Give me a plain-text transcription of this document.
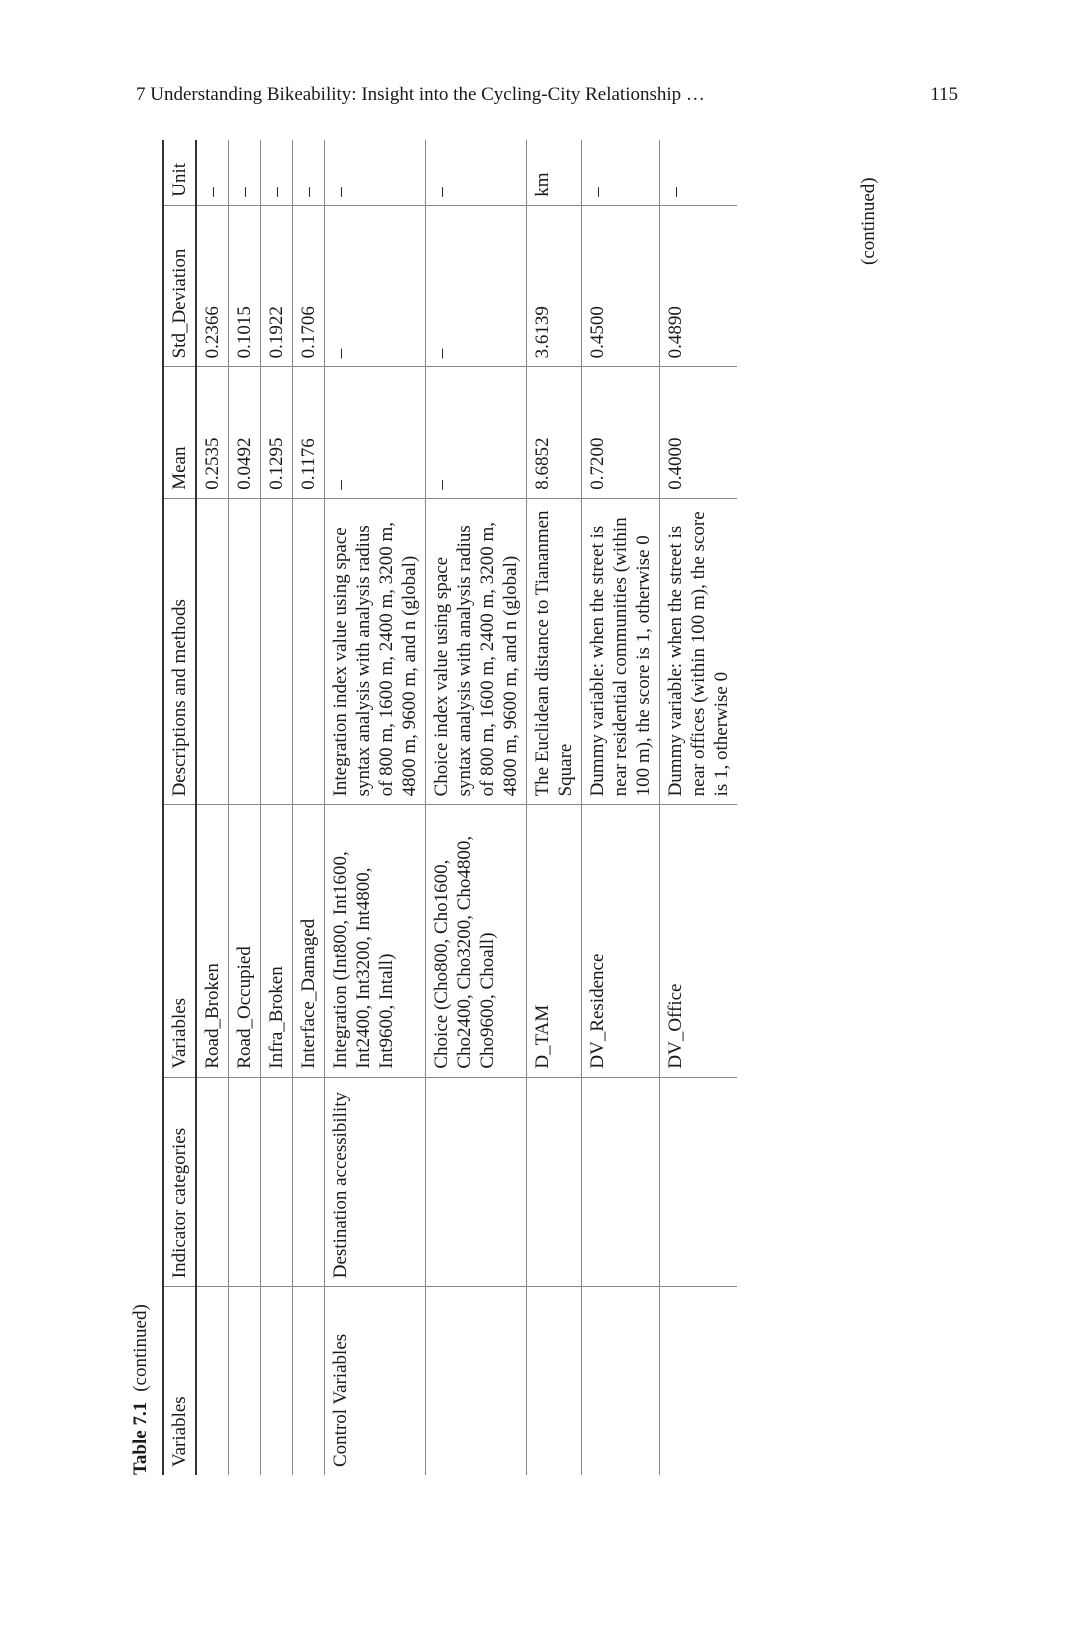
7 Understanding Bikeability: Insight into the Cycling-City Relationship …	115
Table 7.1(continued)
Variables	Indicator categories	Variables	Descriptions and methods	Mean	Std_Deviation	Unit
		Road_Broken		0.2535	0.2366	–
		Road_Occupied		0.0492	0.1015	–
		Infra_Broken		0.1295	0.1922	–
		Interface_Damaged		0.1176	0.1706	–
Control Variables	Destination accessibility	Integration (Int800, Int1600, Int2400, Int3200, Int4800, Int9600, Intall)	Integration index value using space syntax analysis with analysis radius of 800 m, 1600 m, 2400 m, 3200 m, 4800 m, 9600 m, and n (global)	–	–	–
		Choice (Cho800, Cho1600, Cho2400, Cho3200, Cho4800, Cho9600, Choall)	Choice index value using space syntax analysis with analysis radius of 800 m, 1600 m, 2400 m, 3200 m, 4800 m, 9600 m, and n (global)	–	–	–
		D_TAM	The Euclidean distance to Tiananmen Square	8.6852	3.6139	km
		DV_Residence	Dummy variable: when the street is near residential communities (within 100 m), the score is 1, otherwise 0	0.7200	0.4500	–
		DV_Office	Dummy variable: when the street is near offices (within 100 m), the score is 1, otherwise 0	0.4000	0.4890	–	(continued)
